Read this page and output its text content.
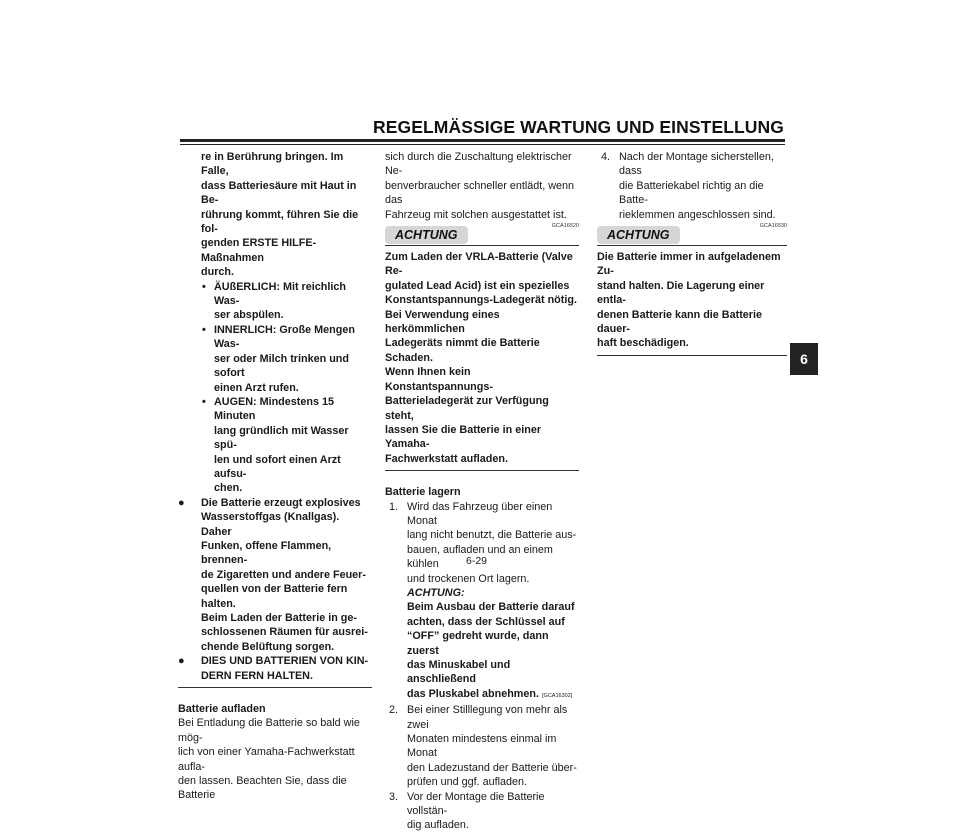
REGELMÄSSIGE WARTUNG UND EINSTELLUNG
6

re in Berührung bringen. Im Falle,

dass Batteriesäure mit Haut in Be-

rührung kommt, führen Sie die fol-

genden ERSTE HILFE-Maßnahmen

durch.

• ÄUßERLICH: Mit reichlich Was-

ser abspülen.

• INNERLICH: Große Mengen Was-

ser oder Milch trinken und sofort

einen Arzt rufen.

• AUGEN: Mindestens 15 Minuten

lang gründlich mit Wasser spü-

len und sofort einen Arzt aufsu-

chen.

●	Die Batterie erzeugt explosives

Wasserstoffgas (Knallgas). Daher

Funken, offene Flammen, brennen-

de Zigaretten und andere Feuer-

quellen von der Batterie fern halten.

Beim Laden der Batterie in ge-

schlossenen Räumen für ausrei-

chende Belüftung sorgen.

●	DIES UND BATTERIEN VON KIN-

DERN FERN HALTEN.

Batterie aufladen

Bei Entladung die Batterie so bald wie mög-

lich von einer Yamaha-Fachwerkstatt aufla-

den lassen. Beachten Sie, dass die Batterie

sich durch die Zuschaltung elektrischer Ne-

benverbraucher schneller entlädt, wenn das

Fahrzeug mit solchen ausgestattet ist.

GCA16520
ACHTUNG

Zum Laden der VRLA-Batterie (Valve Re-

gulated Lead Acid) ist ein spezielles

Konstantspannungs-Ladegerät nötig.

Bei Verwendung eines herkömmlichen

Ladegeräts nimmt die Batterie Schaden.

Wenn Ihnen kein Konstantspannungs-

Batterieladegerät zur Verfügung steht,

lassen Sie die Batterie in einer Yamaha-

Fachwerkstatt aufladen.

Batterie lagern

1. Wird das Fahrzeug über einen Monat

lang nicht benutzt, die Batterie aus-

bauen, aufladen und an einem kühlen

und trockenen Ort lagern. ACHTUNG:

Beim Ausbau der Batterie darauf

achten, dass der Schlüssel auf

“OFF” gedreht wurde, dann zuerst

das Minuskabel und anschließend

das Pluskabel abnehmen. [GCA16302]

2. Bei einer Stilllegung von mehr als zwei

Monaten mindestens einmal im Monat

den Ladezustand der Batterie über-

prüfen und ggf. aufladen.

3. Vor der Montage die Batterie vollstän-

dig aufladen.

4. Nach der Montage sicherstellen, dass

die Batteriekabel richtig an die Batte-

rieklemmen angeschlossen sind.

GCA16530
ACHTUNG

Die Batterie immer in aufgeladenem Zu-

stand halten. Die Lagerung einer entla-

denen Batterie kann die Batterie dauer-

haft beschädigen.

6-29
